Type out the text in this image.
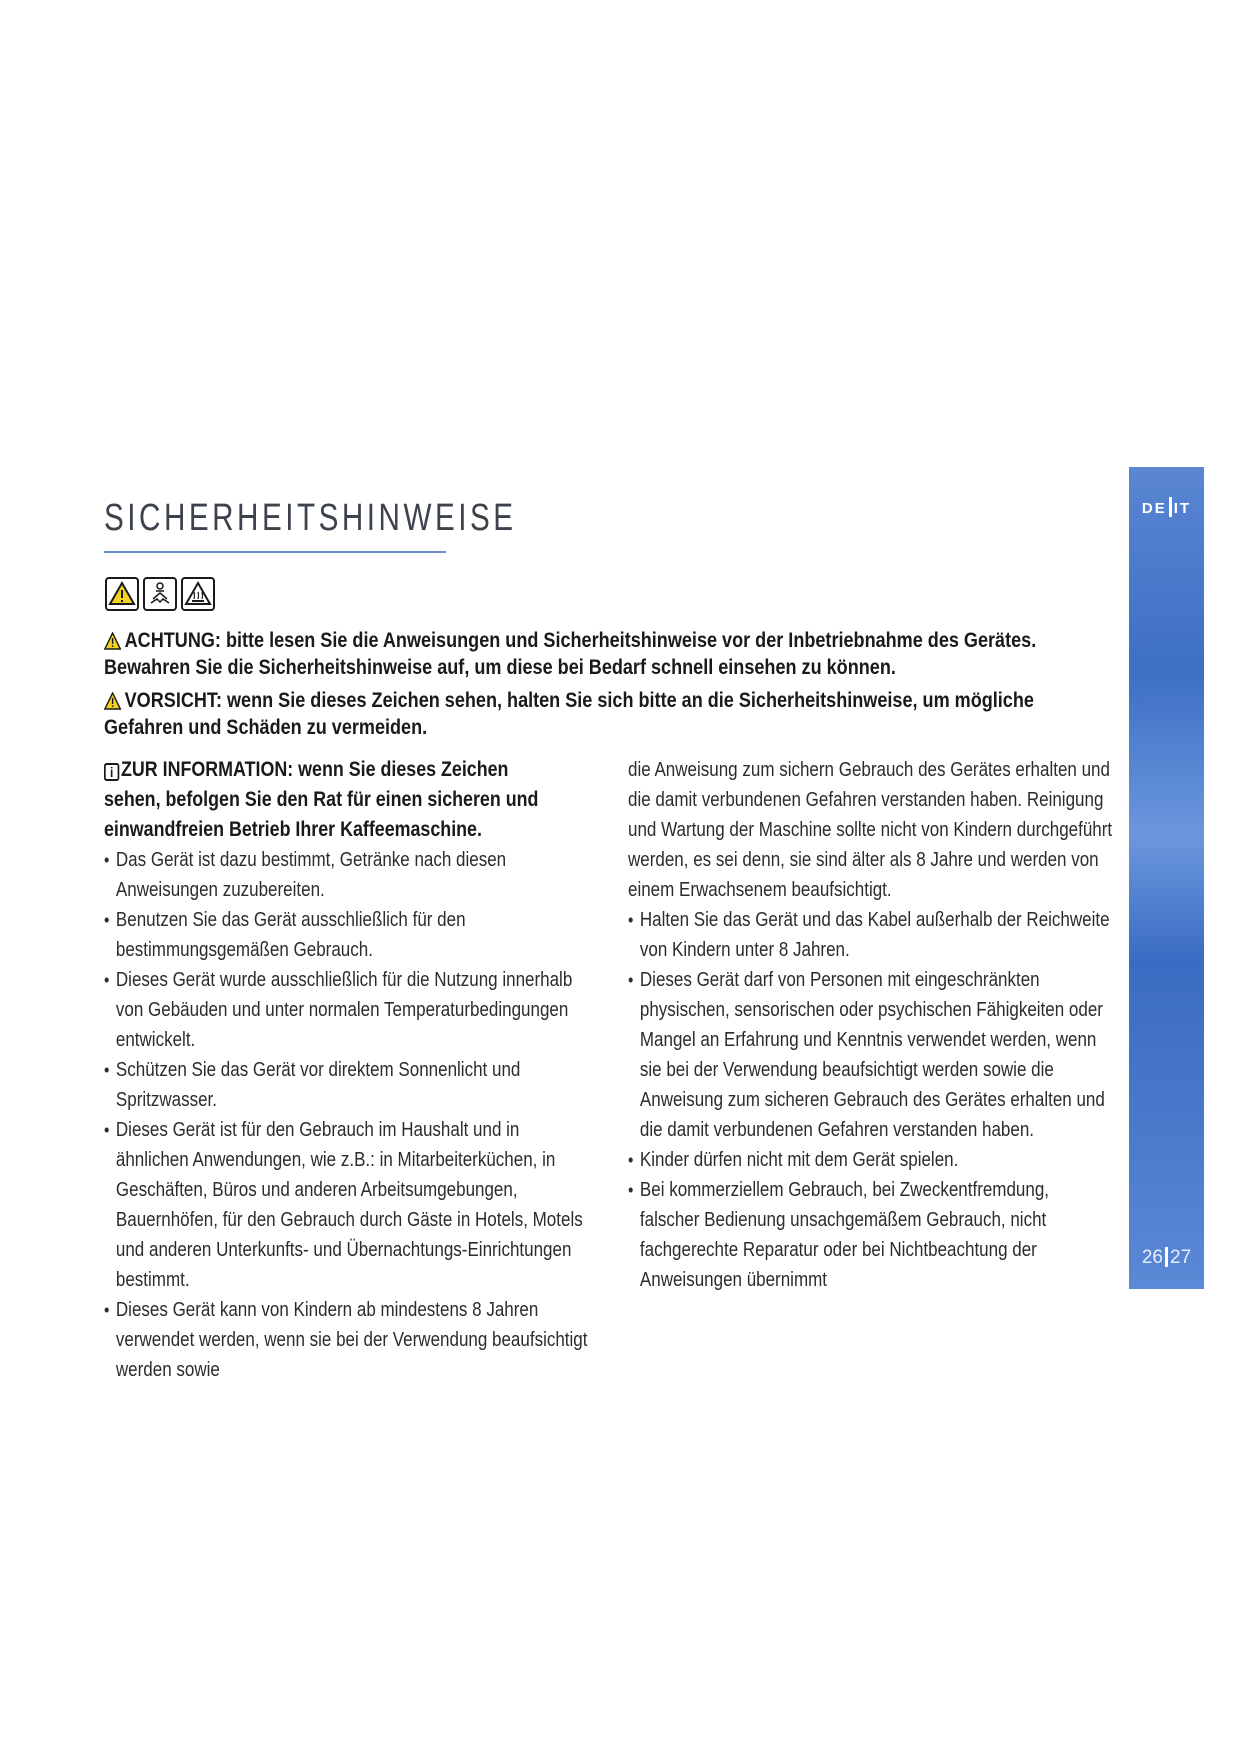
SICHERHEITSHINWEISE
ACHTUNG: bitte lesen Sie die Anweisungen und Sicherheitshinweise vor der Inbetriebnahme des Gerätes.
Bewahren Sie die Sicherheitshinweise auf, um diese bei Bedarf schnell einsehen zu können.
VORSICHT: wenn Sie dieses Zeichen sehen, halten Sie sich bitte an die Sicherheitshinweise, um mögliche
Gefahren und Schäden zu vermeiden.

i ZUR INFORMATION: wenn Sie dieses Zeichen
sehen, befolgen Sie den Rat für einen sicheren und
einwandfreien Betrieb Ihrer Kaffeemaschine.

• Das Gerät ist dazu bestimmt, Getränke nach diesen Anweisungen zuzubereiten.
• Benutzen Sie das Gerät ausschließlich für den bestimmungsgemäßen Gebrauch.
• Dieses Gerät wurde ausschließlich für die Nutzung innerhalb von Gebäuden und unter normalen Temperaturbedingungen entwickelt.
• Schützen Sie das Gerät vor direktem Sonnenlicht und Spritzwasser.
• Dieses Gerät ist für den Gebrauch im Haushalt und in ähnlichen Anwendungen, wie z.B.: in Mitarbeiterküchen, in Geschäften, Büros und anderen Arbeitsumgebungen, Bauernhöfen, für den Gebrauch durch Gäste in Hotels, Motels und anderen Unterkunfts- und Übernachtungs-Einrichtungen bestimmt.
• Dieses Gerät kann von Kindern ab mindestens 8 Jahren verwendet werden, wenn sie bei der Verwendung beaufsichtigt werden sowie

die Anweisung zum sichern Gebrauch des Gerätes erhalten und die damit verbundenen Gefahren verstanden haben. Reinigung und Wartung der Maschine sollte nicht von Kindern durchgeführt werden, es sei denn, sie sind älter als 8 Jahre und werden von einem Erwachsenem beaufsichtigt.

• Halten Sie das Gerät und das Kabel außerhalb der Reichweite von Kindern unter 8 Jahren.
• Dieses Gerät darf von Personen mit eingeschränkten physischen, sensorischen oder psychischen Fähigkeiten oder Mangel an Erfahrung und Kenntnis verwendet werden, wenn sie bei der Verwendung beaufsichtigt werden sowie die Anweisung zum sicheren Gebrauch des Gerätes erhalten und die damit verbundenen Gefahren verstanden haben.
• Kinder dürfen nicht mit dem Gerät spielen.
• Bei kommerziellem Gebrauch, bei Zweckentfremdung, falscher Bedienung unsachgemäßem Gebrauch, nicht fachgerechte Reparatur oder bei Nichtbeachtung der Anweisungen übernimmt
DE IT
26 27
